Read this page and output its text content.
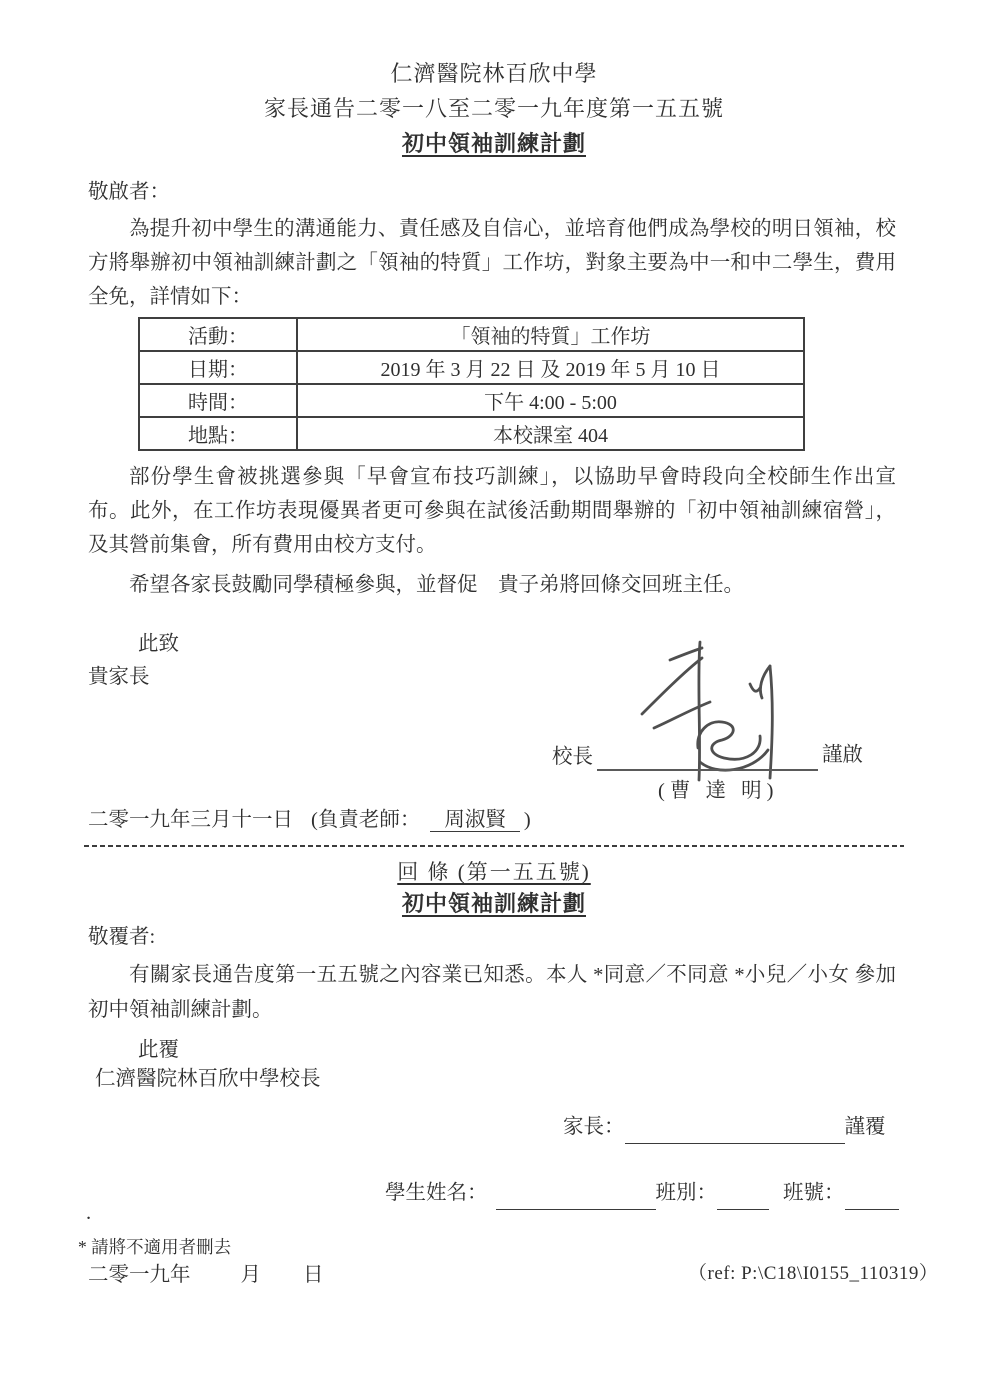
仁濟醫院林百欣中學
家長通告二零一八至二零一九年度第一五五號
初中領袖訓練計劃
敬啟者：
為提升初中學生的溝通能力、責任感及自信心，並培育他們成為學校的明日領袖，校方將舉辦初中領袖訓練計劃之「領袖的特質」工作坊，對象主要為中一和中二學生，費用全免，詳情如下：
活動：	「領袖的特質」工作坊
日期：	2019 年 3 月 22 日 及 2019 年 5 月 10 日
時間：	下午 4:00 - 5:00
地點：	本校課室 404
部份學生會被挑選參與「早會宣布技巧訓練」，以協助早會時段向全校師生作出宣布。此外，在工作坊表現優異者更可參與在試後活動期間舉辦的「初中領袖訓練宿營」，及其營前集會，所有費用由校方支付。
希望各家長鼓勵同學積極參與，並督促　貴子弟將回條交回班主任。
此致
貴家長
校長	謹啟
(曹 達 明)
二零一九年三月十一日 (負責老師： 周淑賢 )
回 條 (第一五五號)
初中領袖訓練計劃
敬覆者:
有關家長通告度第一五五號之內容業已知悉。本人 *同意／不同意 *小兒／小女 參加初中領袖訓練計劃。
此覆
仁濟醫院林百欣中學校長
家長：	謹覆
學生姓名：	班別：	班號：
.
* 請將不適用者刪去
二零一九年 月 日	（ref: P:\C18\I0155_110319）
